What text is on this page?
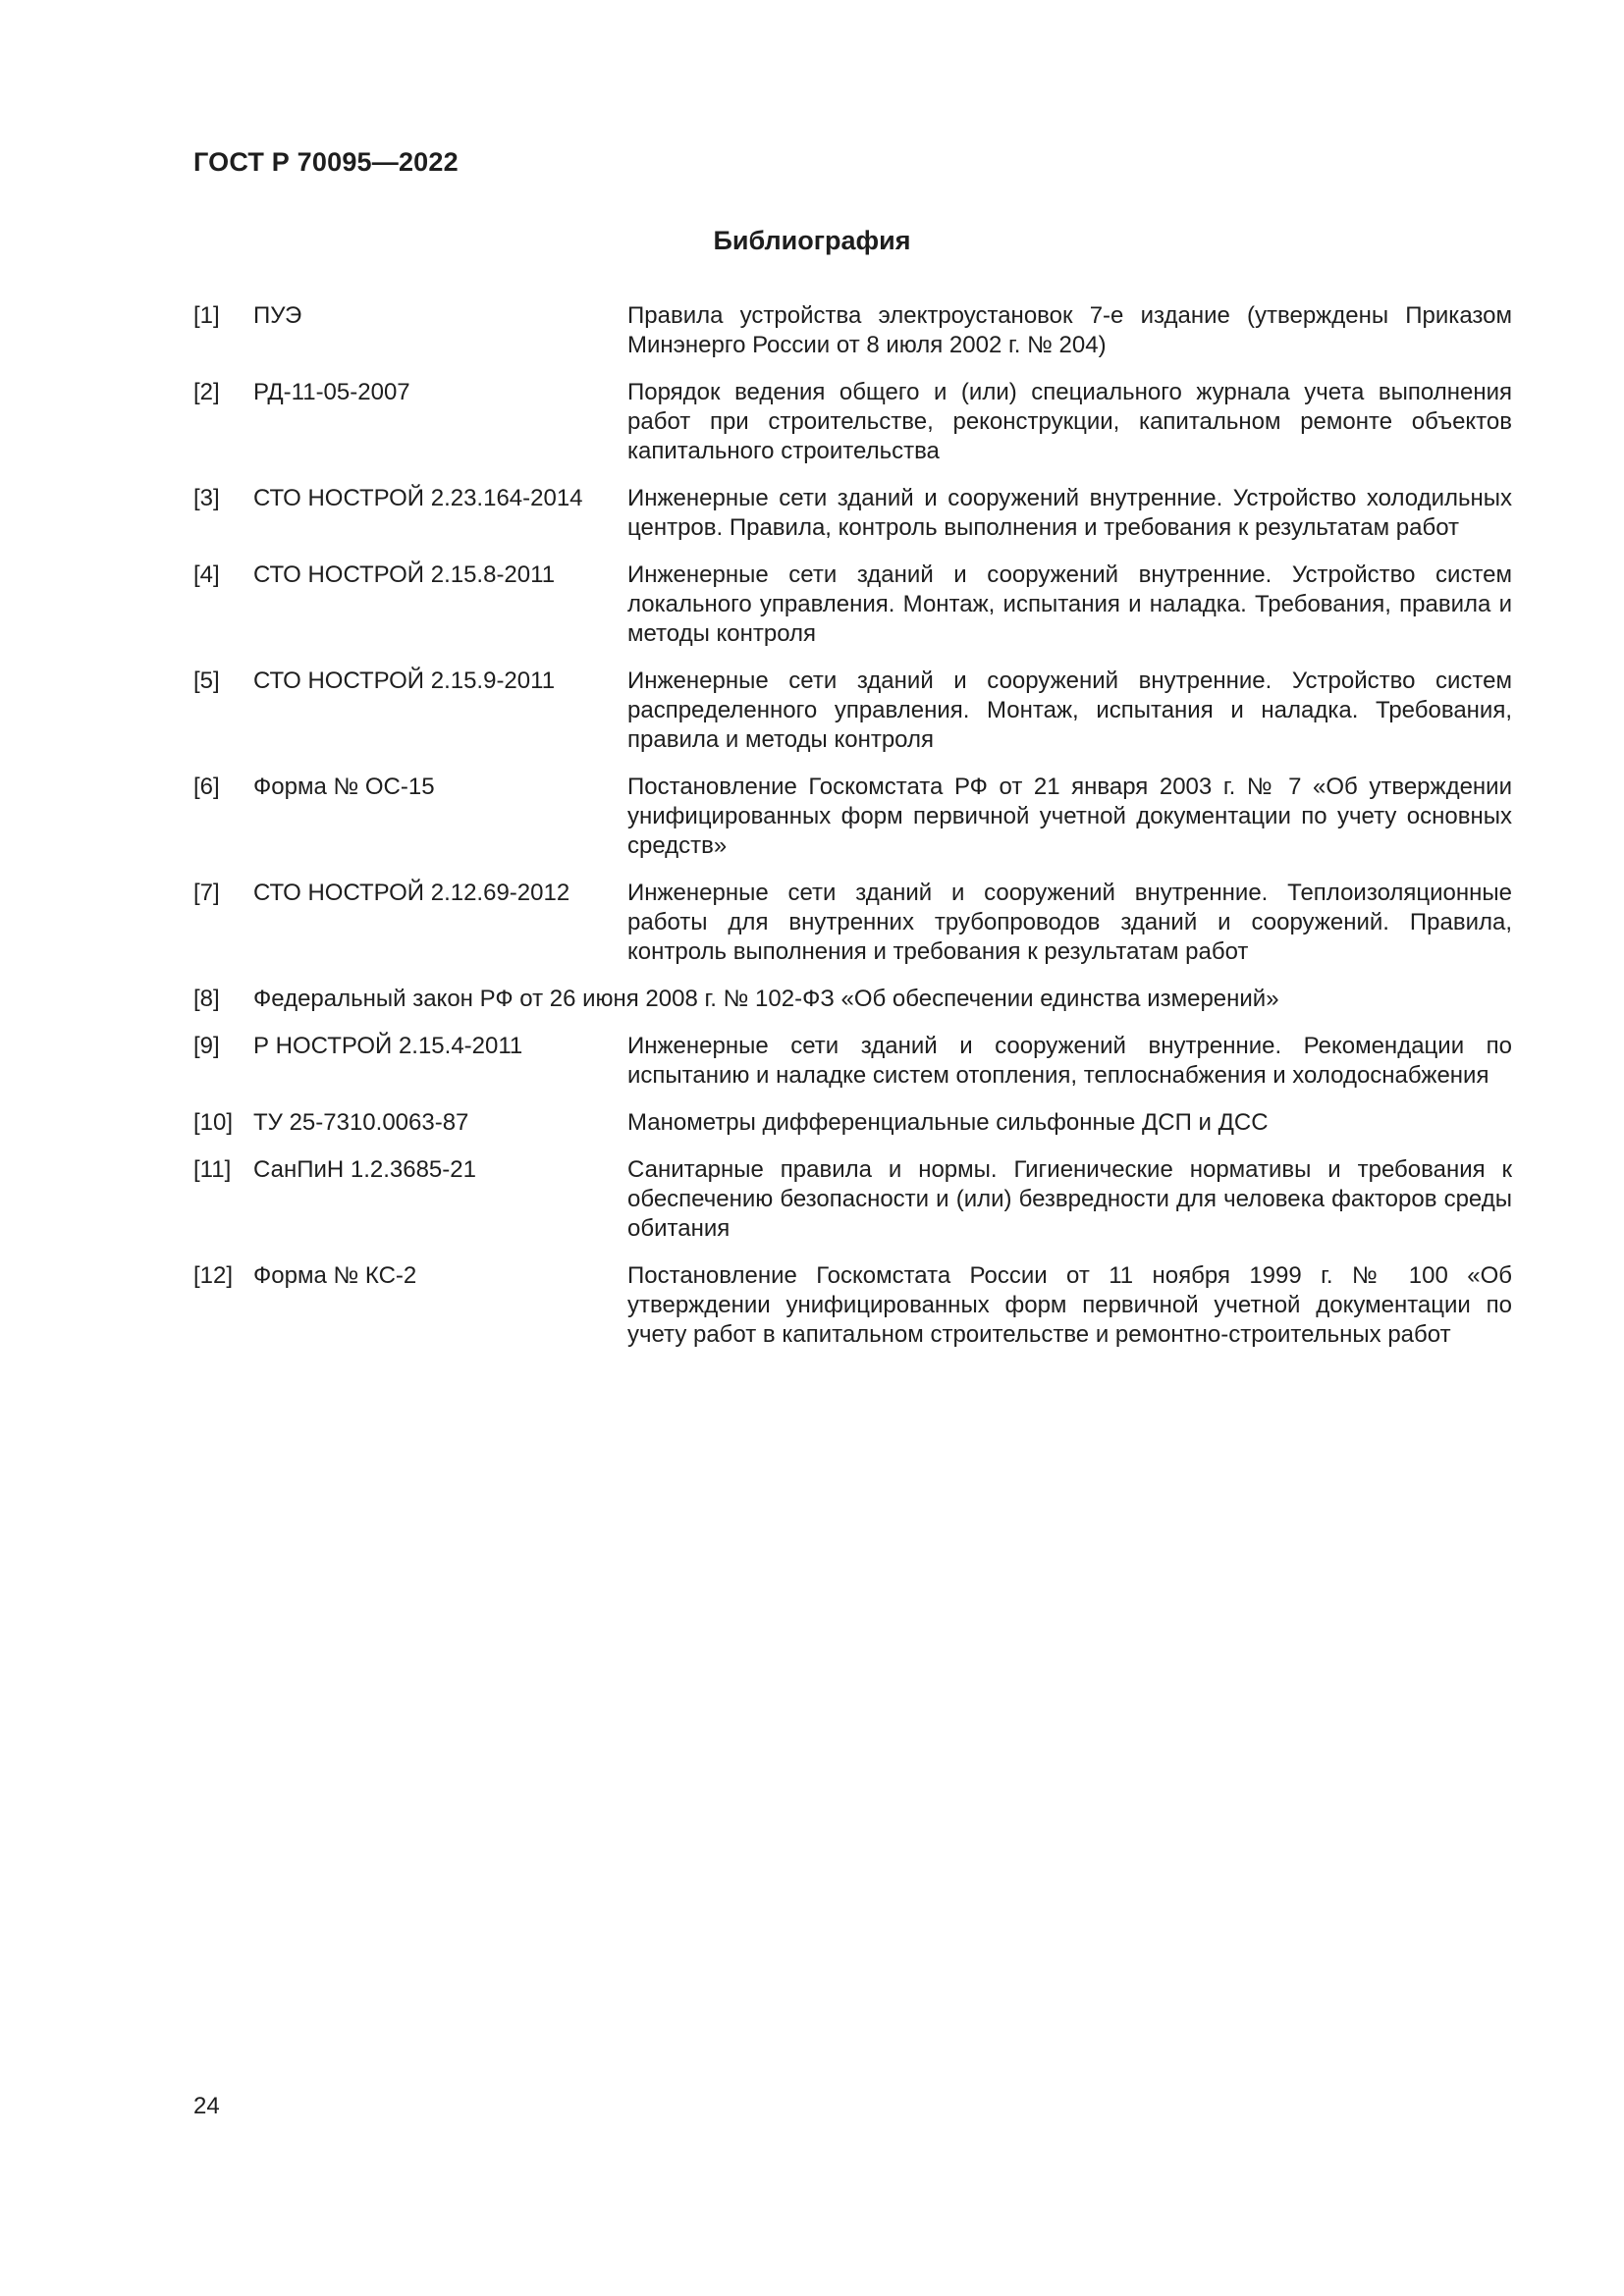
ГОСТ Р 70095—2022
Библиография
[1]	ПУЭ	Правила устройства электроустановок 7-е издание (утверждены Приказом Минэнерго России от 8 июля 2002 г. № 204)
[2]	РД-11-05-2007	Порядок ведения общего и (или) специального журнала учета выполнения работ при строительстве, реконструкции, капитальном ремонте объектов капитального строительства
[3]	СТО НОСТРОЙ 2.23.164-2014	Инженерные сети зданий и сооружений внутренние. Устройство холодильных центров. Правила, контроль выполнения и требования к результатам работ
[4]	СТО НОСТРОЙ 2.15.8-2011	Инженерные сети зданий и сооружений внутренние. Устройство систем локального управления. Монтаж, испытания и наладка. Требования, правила и методы контроля
[5]	СТО НОСТРОЙ 2.15.9-2011	Инженерные сети зданий и сооружений внутренние. Устройство систем распределенного управления. Монтаж, испытания и наладка. Требования, правила и методы контроля
[6]	Форма № ОС-15	Постановление Госкомстата РФ от 21 января 2003 г. № 7 «Об утверждении унифицированных форм первичной учетной документации по учету основных средств»
[7]	СТО НОСТРОЙ 2.12.69-2012	Инженерные сети зданий и сооружений внутренние. Теплоизоляционные работы для внутренних трубопроводов зданий и сооружений. Правила, контроль выполнения и требования к результатам работ
[8]	Федеральный закон РФ от 26 июня 2008 г. № 102-ФЗ «Об обеспечении единства измерений»
[9]	Р НОСТРОЙ 2.15.4-2011	Инженерные сети зданий и сооружений внутренние. Рекомендации по испытанию и наладке систем отопления, теплоснабжения и холодоснабжения
[10] ТУ 25-7310.0063-87	Манометры дифференциальные сильфонные ДСП и ДСС
[11] СанПиН 1.2.3685-21	Санитарные правила и нормы. Гигиенические нормативы и требования к обеспечению безопасности и (или) безвредности для человека факторов среды обитания
[12] Форма № КС-2	Постановление Госкомстата России от 11 ноября 1999 г. № 100 «Об утверждении унифицированных форм первичной учетной документации по учету работ в капитальном строительстве и ремонтно-строительных работ
24
